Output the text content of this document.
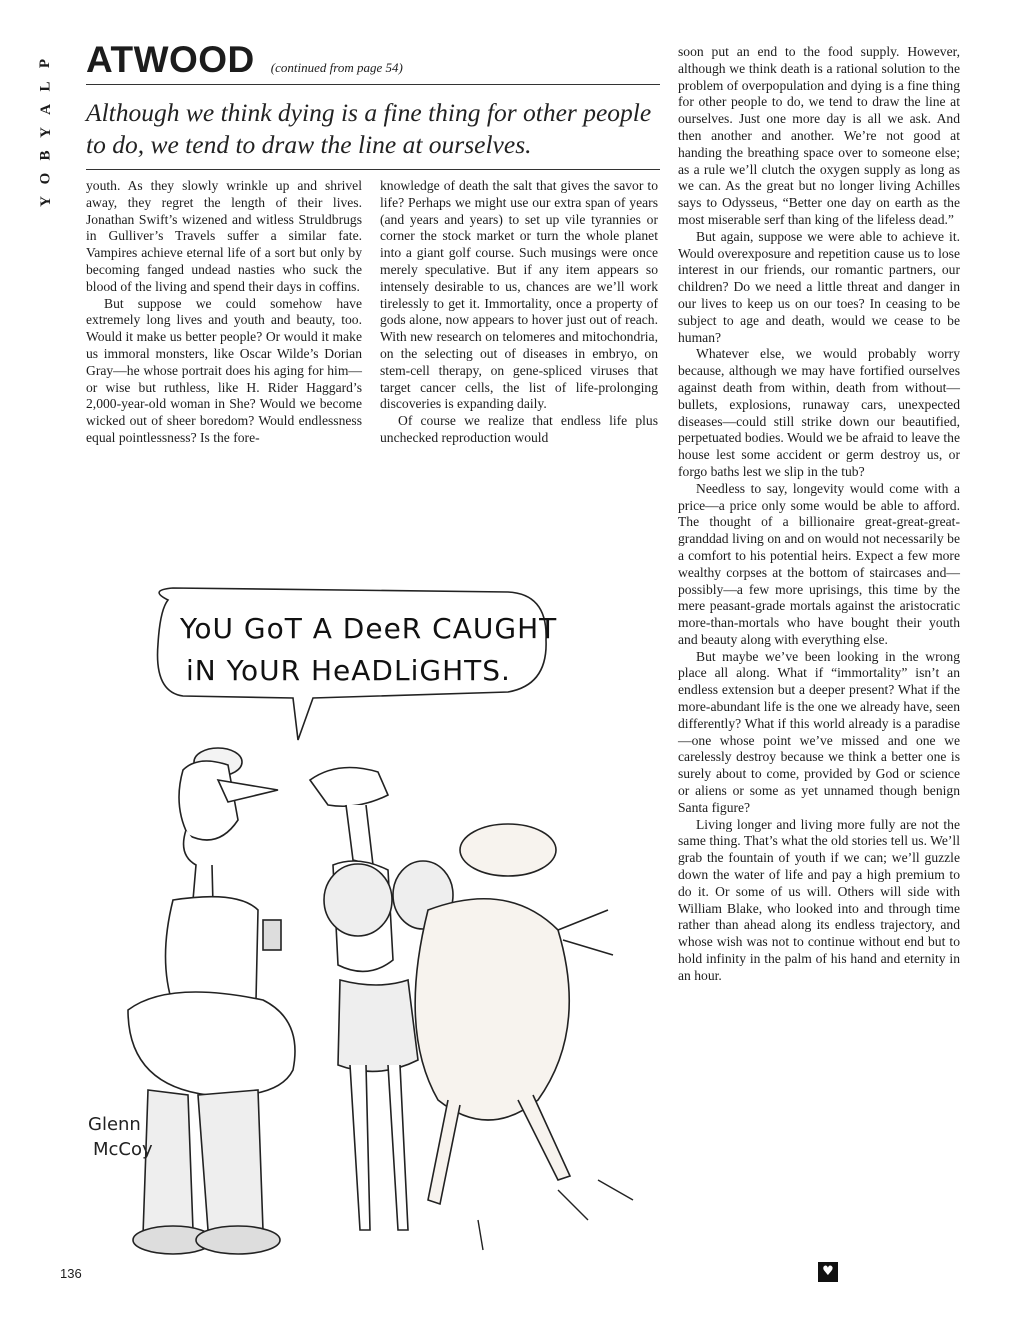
P
L
A
Y
B
O
Y
ATWOOD (continued from page 54)
Although we think dying is a fine thing for other people to do, we tend to draw the line at ourselves.

youth. As they slowly wrinkle up and shrivel away, they regret the length of their lives. Jonathan Swift’s wizened and witless Struldbrugs in Gulliver’s Travels suffer a similar fate. Vampires achieve eternal life of a sort but only by becoming fanged undead nasties who suck the blood of the living and spend their days in coffins.

But suppose we could somehow have extremely long lives and youth and beauty, too. Would it make us better people? Or would it make us immoral monsters, like Oscar Wilde’s Dorian Gray—he whose portrait does his aging for him—or wise but ruthless, like H. Rider Haggard’s 2,000-year-old woman in She? Would we become wicked out of sheer boredom? Would endlessness equal pointlessness? Is the fore-

knowledge of death the salt that gives the savor to life? Perhaps we might use our extra span of years (and years and years) to set up vile tyrannies or corner the stock market or turn the whole planet into a giant golf course. Such musings were once merely speculative. But if any item appears so intensely desirable to us, chances are we’ll work tirelessly to get it. Immortality, once a property of gods alone, now appears to hover just out of reach. With new research on telomeres and mitochondria, on the selecting out of diseases in embryo, on stem-cell therapy, on gene-spliced viruses that target cancer cells, the list of life-prolonging discoveries is expanding daily.

Of course we realize that endless life plus unchecked reproduction would

soon put an end to the food supply. However, although we think death is a rational solution to the problem of overpopulation and dying is a fine thing for other people to do, we tend to draw the line at ourselves. Just one more day is all we ask. And then another and another. We’re not good at handing the breathing space over to someone else; as a rule we’ll clutch the oxygen supply as long as we can. As the great but no longer living Achilles says to Odysseus, “Better one day on earth as the most miserable serf than king of the lifeless dead.”

But again, suppose we were able to achieve it. Would overexposure and repetition cause us to lose interest in our friends, our romantic partners, our children? Do we need a little threat and danger in our lives to keep us on our toes? In ceasing to be subject to age and death, would we cease to be human?

Whatever else, we would probably worry because, although we may have fortified ourselves against death from within, death from without—bullets, explosions, runaway cars, unexpected diseases—could still strike down our beautified, perpetuated bodies. Would we be afraid to leave the house lest some accident or germ destroy us, or forgo baths lest we slip in the tub?

Needless to say, longevity would come with a price—a price only some would be able to afford. The thought of a billionaire great-great-great-granddad living on and on would not necessarily be a comfort to his potential heirs. Expect a few more wealthy corpses at the bottom of staircases and—possibly—a few more uprisings, this time by the mere peasant-grade mortals against the aristocratic more-than-mortals who have bought their youth and beauty along with everything else.

But maybe we’ve been looking in the wrong place all along. What if “immortality” isn’t an endless extension but a deeper present? What if the more-abundant life is the one we already have, seen differently? What if this world already is a paradise—one whose point we’ve missed and one we carelessly destroy because we think a better one is surely about to come, provided by God or science or aliens or some as yet unnamed though benign Santa figure?

Living longer and living more fully are not the same thing. That’s what the old stories tell us. We’ll grab the fountain of youth if we can; we’ll guzzle down the water of life and pay a high premium to do it. Or some of us will. Others will side with William Blake, who looked into and through time rather than ahead along its endless trajectory, and whose wish was not to continue without end but to hold infinity in the palm of his hand and eternity in an hour.

YoU GoT A DeeR CAUGHT
iN YoUR HeADLiGHTS.
Glenn
McCoy
136	♥
